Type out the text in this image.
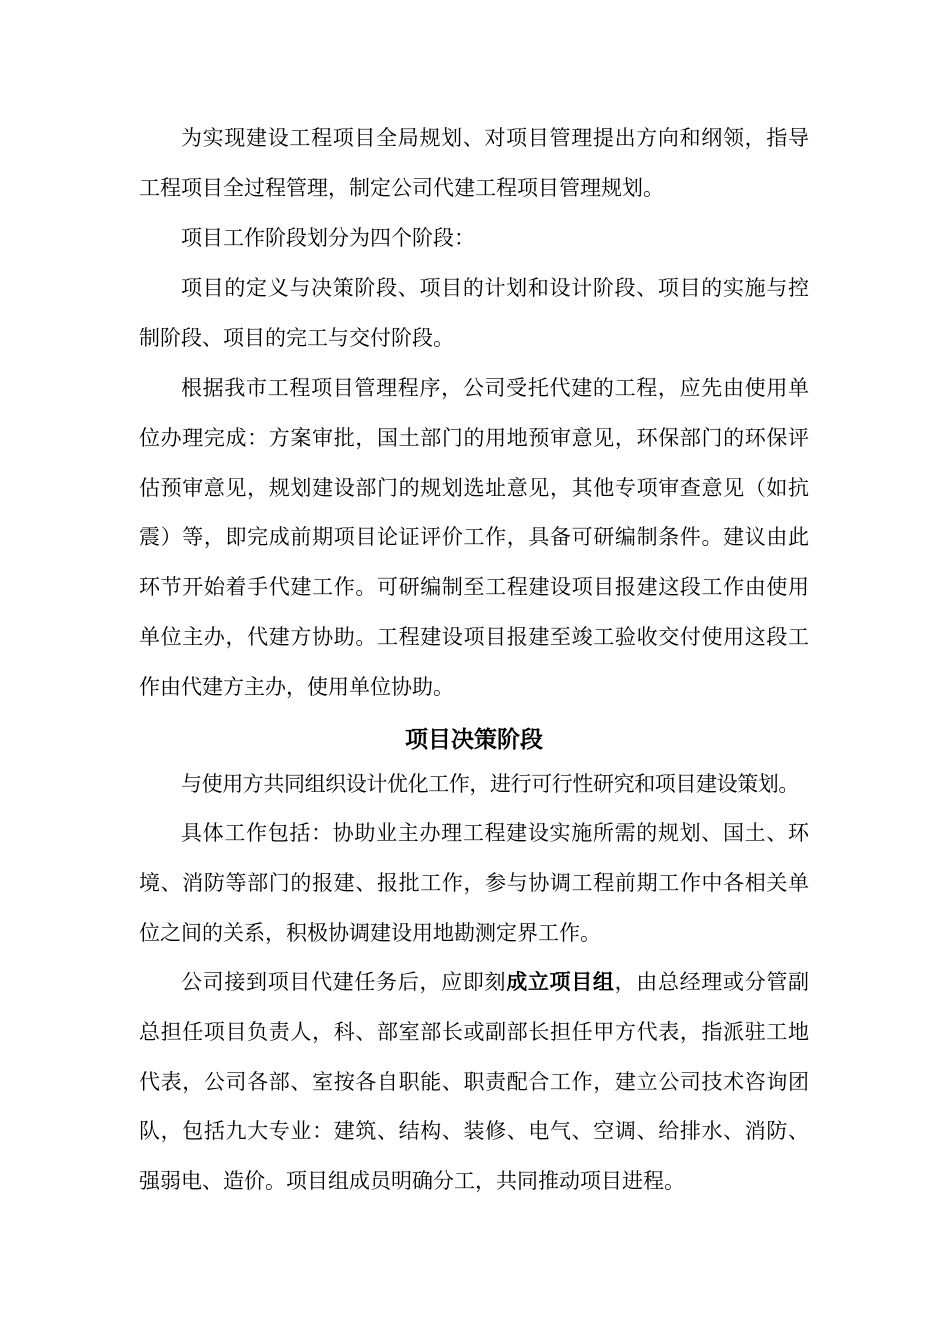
为实现建设工程项目全局规划、对项目管理提出方向和纲领，指导工程项目全过程管理，制定公司代建工程项目管理规划。

项目工作阶段划分为四个阶段：

项目的定义与决策阶段、项目的计划和设计阶段、项目的实施与控制阶段、项目的完工与交付阶段。

根据我市工程项目管理程序，公司受托代建的工程，应先由使用单位办理完成：方案审批，国土部门的用地预审意见，环保部门的环保评估预审意见，规划建设部门的规划选址意见，其他专项审查意见（如抗震）等，即完成前期项目论证评价工作，具备可研编制条件。建议由此环节开始着手代建工作。可研编制至工程建设项目报建这段工作由使用单位主办，代建方协助。工程建设项目报建至竣工验收交付使用这段工作由代建方主办，使用单位协助。

项目决策阶段

与使用方共同组织设计优化工作，进行可行性研究和项目建设策划。

具体工作包括：协助业主办理工程建设实施所需的规划、国土、环境、消防等部门的报建、报批工作，参与协调工程前期工作中各相关单位之间的关系，积极协调建设用地勘测定界工作。

公司接到项目代建任务后，应即刻成立项目组，由总经理或分管副总担任项目负责人，科、部室部长或副部长担任甲方代表，指派驻工地代表，公司各部、室按各自职能、职责配合工作，建立公司技术咨询团队，包括九大专业：建筑、结构、装修、电气、空调、给排水、消防、强弱电、造价。项目组成员明确分工，共同推动项目进程。
